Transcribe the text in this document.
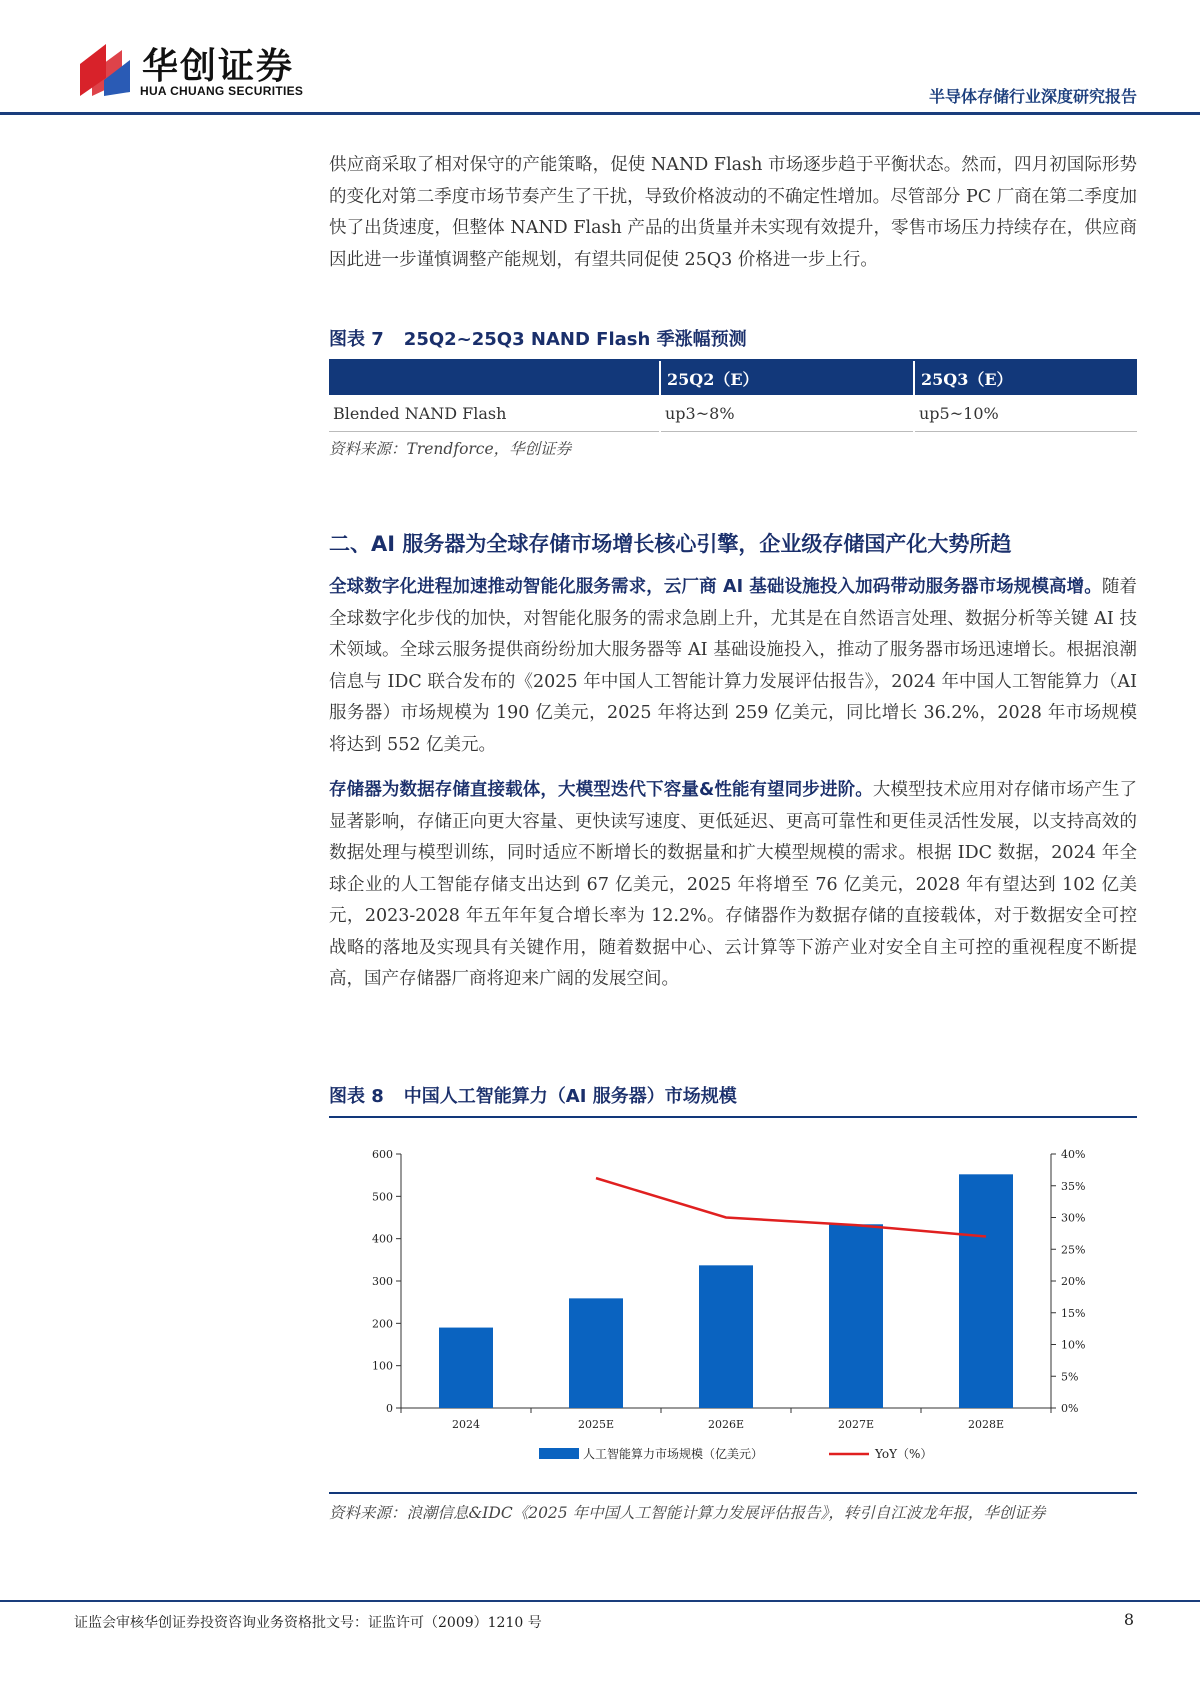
华创证券
HUA CHUANG SECURITIES	半导体存储行业深度研究报告

供应商采取了相对保守的产能策略，促使 NAND Flash 市场逐步趋于平衡状态。然而，四月初国际形势的变化对第二季度市场节奏产生了干扰，导致价格波动的不确定性增加。尽管部分 PC 厂商在第二季度加快了出货速度，但整体 NAND Flash 产品的出货量并未实现有效提升，零售市场压力持续存在，供应商因此进一步谨慎调整产能规划，有望共同促使 25Q3 价格进一步上行。

图表 7 25Q2~25Q3 NAND Flash 季涨幅预测
	25Q2（E）	25Q3（E）
Blended NAND Flash	up3~8%	up5~10%
资料来源：Trendforce，华创证券
二、AI 服务器为全球存储市场增长核心引擎，企业级存储国产化大势所趋

全球数字化进程加速推动智能化服务需求，云厂商 AI 基础设施投入加码带动服务器市场规模高增。随着全球数字化步伐的加快，对智能化服务的需求急剧上升，尤其是在自然语言处理、数据分析等关键 AI 技术领域。全球云服务提供商纷纷加大服务器等 AI 基础设施投入，推动了服务器市场迅速增长。根据浪潮信息与 IDC 联合发布的《2025 年中国人工智能计算力发展评估报告》，2024 年中国人工智能算力（AI 服务器）市场规模为 190 亿美元，2025 年将达到 259 亿美元，同比增长 36.2%，2028 年市场规模将达到 552 亿美元。

存储器为数据存储直接载体，大模型迭代下容量&性能有望同步进阶。大模型技术应用对存储市场产生了显著影响，存储正向更大容量、更快读写速度、更低延迟、更高可靠性和更佳灵活性发展，以支持高效的数据处理与模型训练，同时适应不断增长的数据量和扩大模型规模的需求。根据 IDC 数据，2024 年全球企业的人工智能存储支出达到 67 亿美元，2025 年将增至 76 亿美元，2028 年有望达到 102 亿美元，2023-2028 年五年年复合增长率为 12.2%。存储器作为数据存储的直接载体，对于数据安全可控战略的落地及实现具有关键作用，随着数据中心、云计算等下游产业对安全自主可控的重视程度不断提高，国产存储器厂商将迎来广阔的发展空间。

图表 8 中国人工智能算力（AI 服务器）市场规模
0
100
200
300
400
500
600
0%
5%
10%
15%
20%
25%
30%
35%
40%
2024	2025E	2026E	2027E	2028E
人工智能算力市场规模（亿美元）	YoY（%）
资料来源：浪潮信息&IDC《2025 年中国人工智能计算力发展评估报告》，转引自江波龙年报，华创证券
证监会审核华创证券投资咨询业务资格批文号：证监许可（2009）1210 号	8
